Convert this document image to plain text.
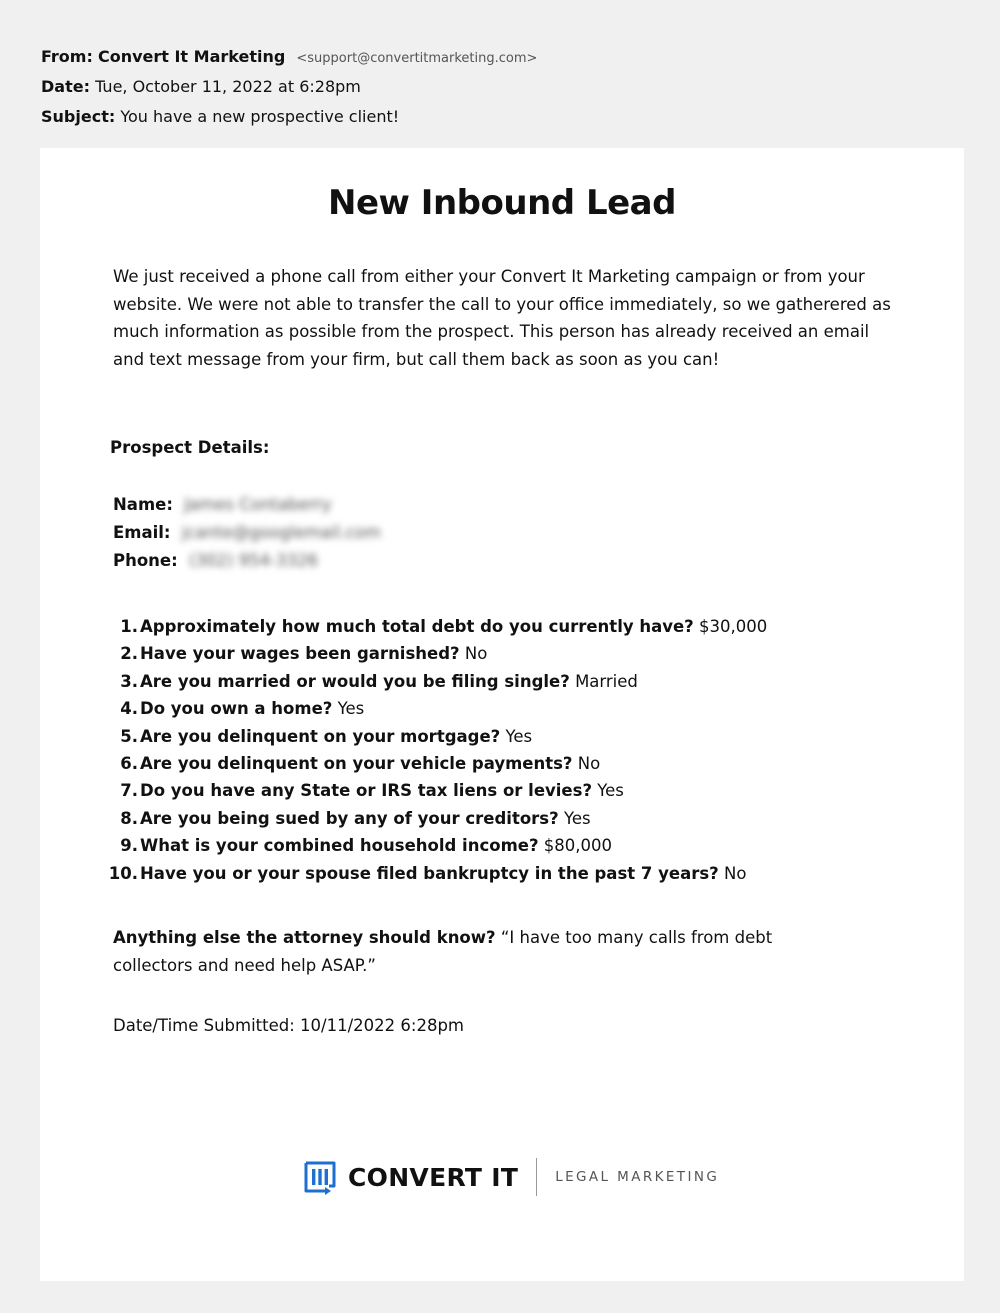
From: Convert It Marketing <support@convertitmarketing.com>
Date: Tue, October 11, 2022 at 6:28pm
Subject: You have a new prospective client!
New Inbound Lead

We just received a phone call from either your Convert It Marketing campaign or from your website. We were not able to transfer the call to your office immediately, so we gatherered as much information as possible from the prospect. This person has already received an email and text message from your firm, but call them back as soon as you can!

Prospect Details:

Name: James Contaberry
Email: jcante@googlemail.com
Phone: (302) 954-3326
1. Approximately how much total debt do you currently have? $30,000
2. Have your wages been garnished? No
3. Are you married or would you be filing single? Married
4. Do you own a home? Yes
5. Are you delinquent on your mortgage? Yes
6. Are you delinquent on your vehicle payments? No
7. Do you have any State or IRS tax liens or levies? Yes
8. Are you being sued by any of your creditors? Yes
9. What is your combined household income? $80,000
10. Have you or your spouse filed bankruptcy in the past 7 years? No

Anything else the attorney should know? “I have too many calls from debt collectors and need help ASAP.”

Date/Time Submitted: 10/11/2022 6:28pm

CONVERT IT	LEGAL MARKETING
